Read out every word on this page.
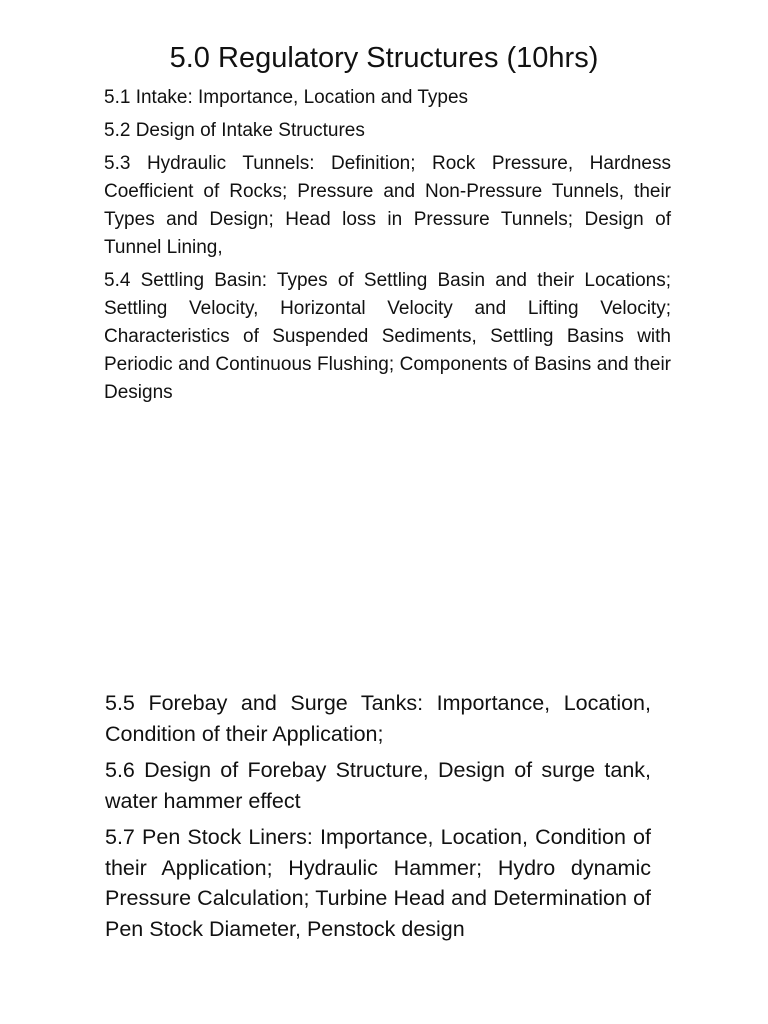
5.0 Regulatory Structures (10hrs)

5.1 Intake: Importance, Location and Types

5.2 Design of Intake Structures

5.3 Hydraulic Tunnels: Definition; Rock Pressure, Hardness Coefficient of Rocks; Pressure and Non-Pressure Tunnels, their Types and Design; Head loss in Pressure Tunnels; Design of Tunnel Lining,

5.4 Settling Basin: Types of Settling Basin and their Locations; Settling Velocity, Horizontal Velocity and Lifting Velocity; Characteristics of Suspended Sediments, Settling Basins with Periodic and Continuous Flushing; Components of Basins and their Designs

5.5 Forebay and Surge Tanks: Importance, Location, Condition of their Application;

5.6 Design of Forebay Structure, Design of surge tank, water hammer effect

5.7 Pen Stock Liners: Importance, Location, Condition of their Application; Hydraulic Hammer; Hydro dynamic Pressure Calculation; Turbine Head and Determination of Pen Stock Diameter, Penstock design
